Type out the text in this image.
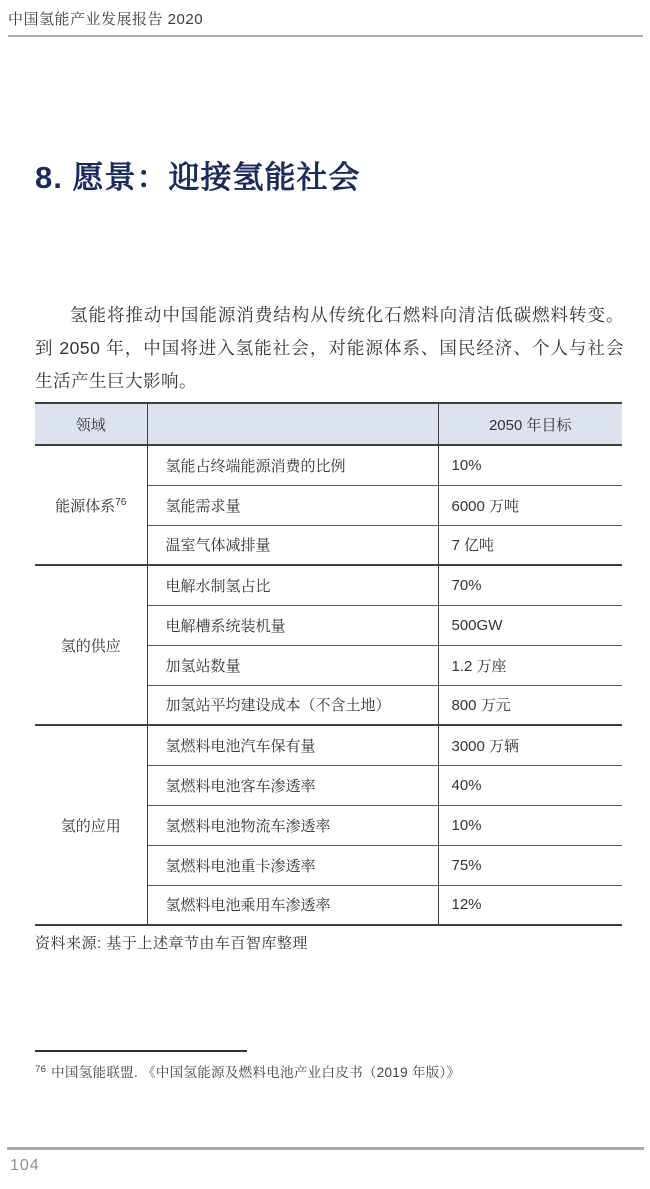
中国氢能产业发展报告 2020
8. 愿景：迎接氢能社会

氢能将推动中国能源消费结构从传统化石燃料向清洁低碳燃料转变。到 2050 年，中国将进入氢能社会，对能源体系、国民经济、个人与社会生活产生巨大影响。

领域		2050 年目标
能源体系$^{76}$	氢能占终端能源消费的比例	10%
	氢能需求量	6000 万吨
	温室气体减排量	7 亿吨
氢的供应	电解水制氢占比	70%
	电解槽系统装机量	500GW
	加氢站数量	1.2 万座
	加氢站平均建设成本（不含土地）	800 万元
氢的应用	氢燃料电池汽车保有量	3000 万辆
	氢燃料电池客车渗透率	40%
	氢燃料电池物流车渗透率	10%
	氢燃料电池重卡渗透率	75%
	氢燃料电池乘用车渗透率	12%
资料来源: 基于上述章节由车百智库整理
$^{76}$ 中国氢能联盟. 《中国氢能源及燃料电池产业白皮书（2019 年版）》
104
